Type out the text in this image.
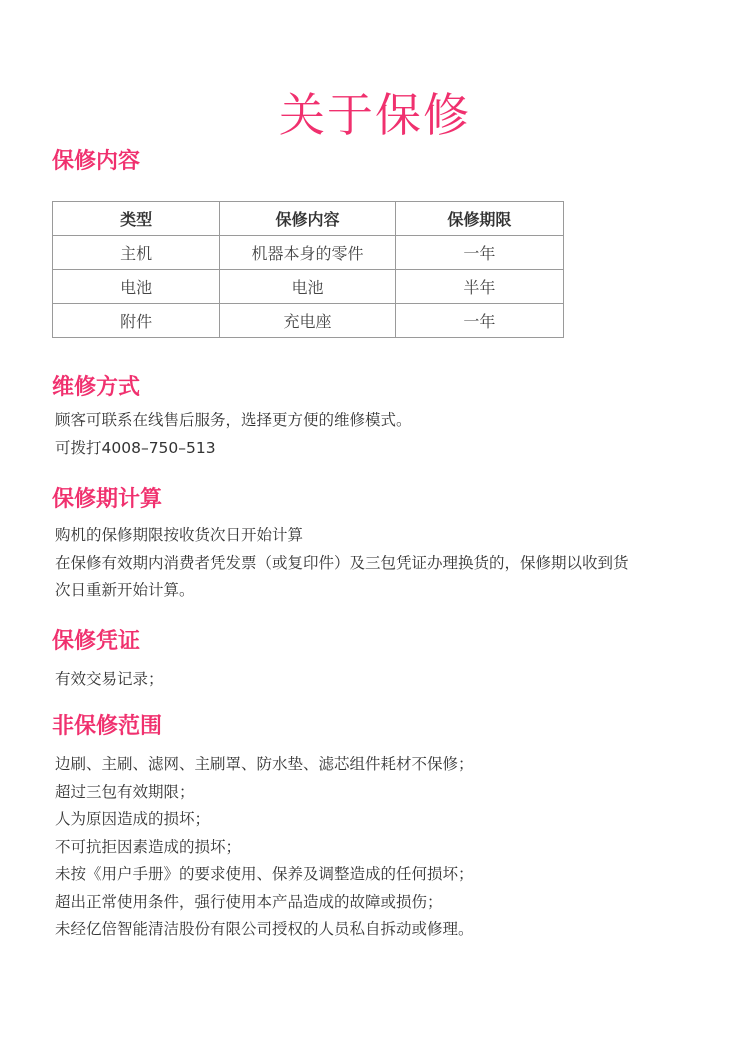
关于保修
保修内容
类型	保修内容	保修期限
主机	机器本身的零件	一年
电池	电池	半年
附件	充电座	一年
维修方式
顾客可联系在线售后服务，选择更方便的维修模式。
可拨打4008–750–513
保修期计算
购机的保修期限按收货次日开始计算
在保修有效期内消费者凭发票（或复印件）及三包凭证办理换货的，保修期以收到货
次日重新开始计算。
保修凭证
有效交易记录；
非保修范围
边刷、主刷、滤网、主刷罩、防水垫、滤芯组件耗材不保修；
超过三包有效期限；
人为原因造成的损坏；
不可抗拒因素造成的损坏；
未按《用户手册》的要求使用、保养及调整造成的任何损坏；
超出正常使用条件，强行使用本产品造成的故障或损伤；
未经亿倍智能清洁股份有限公司授权的人员私自拆动或修理。
